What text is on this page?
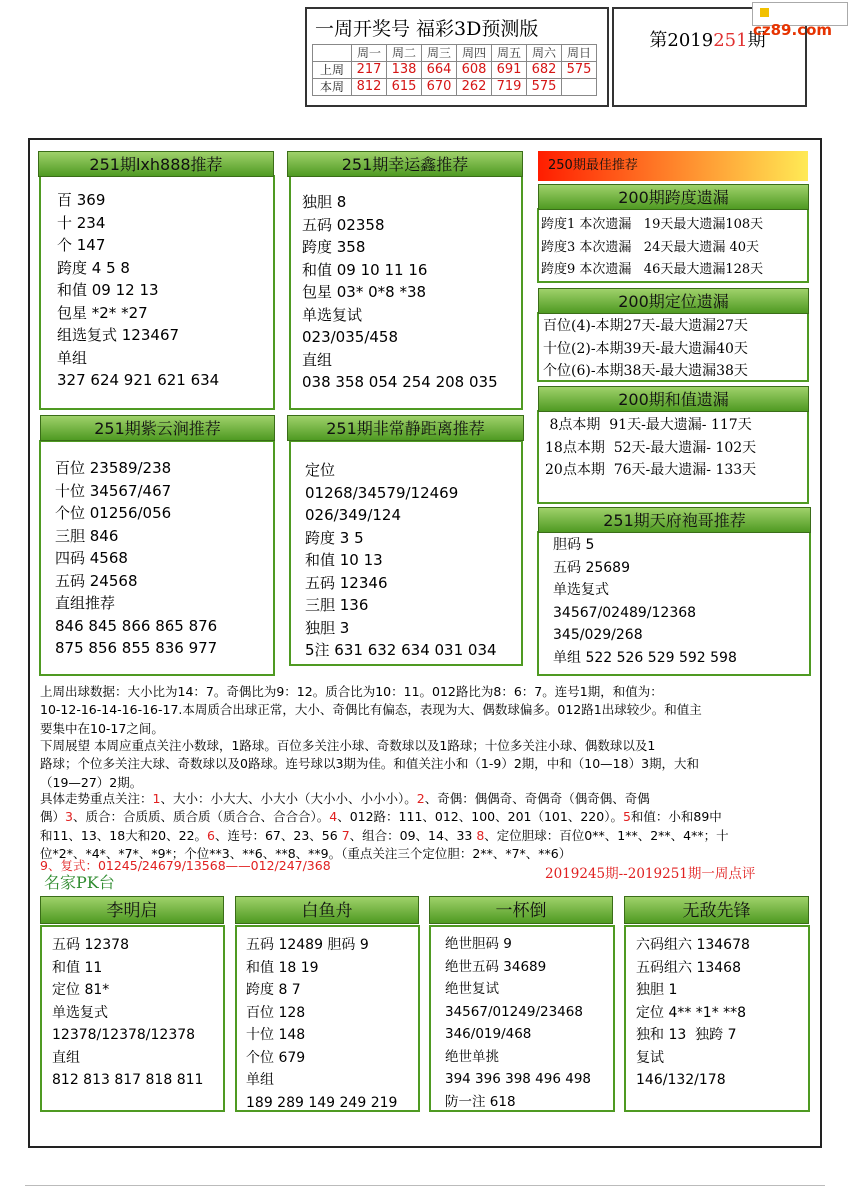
一周开奖号 福彩3D预测版
	周一	周二	周三	周四	周五	周六	周日
上周	217	138	664	608	691	682	575
本周	812	615	670	262	719	575	
第2019251期
cz89.com
251期lxh888推荐
百 369
十 234
个 147
跨度 4 5 8
和值 09 12 13
包星 *2* *27
组选复式 123467
单组
327 624 921 621 634
251期幸运鑫推荐
独胆 8
五码 02358
跨度 358
和值 09 10 11 16
包星 03* 0*8 *38
单选复试
023/035/458
直组
038 358 054 254 208 035
251期紫云涧推荐
百位 23589/238
十位 34567/467
个位 01256/056
三胆 846
四码 4568
五码 24568
直组推荐
846 845 866 865 876
875 856 855 836 977
251期非常静距离推荐
定位
01268/34579/12469
026/349/124
跨度 3 5
和值 10 13
五码 12346
三胆 136
独胆 3
5注 631 632 634 031 034
250期最佳推荐
200期跨度遗漏
跨度1 本次遗漏   19天最大遗漏108天
跨度3 本次遗漏   24天最大遗漏 40天
跨度9 本次遗漏   46天最大遗漏128天
200期定位遗漏
百位(4)-本期27天-最大遗漏27天
十位(2)-本期39天-最大遗漏40天
个位(6)-本期38天-最大遗漏38天
200期和值遗漏
8点本期  91天-最大遗漏- 117天
18点本期  52天-最大遗漏- 102天
20点本期  76天-最大遗漏- 133天
251期天府袍哥推荐
胆码 5
五码 25689
单选复式
34567/02489/12368
345/029/268
单组 522 526 529 592 598
上周出球数据：大小比为14：7。奇偶比为9：12。质合比为10：11。012路比为8：6：7。连号1期，和值为：
10-12-16-14-16-16-17.本周质合出球正常，大小、奇偶比有偏态，表现为大、偶数球偏多。012路1出球较少。和值主
要集中在10-17之间。
下周展望 本周应重点关注小数球，1路球。百位多关注小球、奇数球以及1路球；十位多关注小球、偶数球以及1
路球；个位多关注大球、奇数球以及0路球。连号球以3期为佳。和值关注小和（1-9）2期，中和（10—18）3期，大和
（19—27）2期。
具体走势重点关注：1、大小：小大大、小大小（大小小、小小小）。2、奇偶：偶偶奇、奇偶奇（偶奇偶、奇偶
偶）3、质合：合质质、质合质（质合合、合合合）。4、012路：111、012、100、201（101、220）。5和值：小和89中
和11、13、18大和20、22。6、连号：67、23、56 7、组合：09、14、33 8、定位胆球：百位0**、1**、2**、4**；十
位*2*、*4*、*7*、*9*；个位**3、**6、**8、**9。（重点关注三个定位胆：2**、*7*、**6）
9、复式：01245/24679/13568——012/247/368
名家PK台	2019245期--2019251期一周点评
李明启
五码 12378
和值 11
定位 81*
单选复式
12378/12378/12378
直组
812 813 817 818 811
白鱼舟
五码 12489 胆码 9
和值 18 19
跨度 8 7
百位 128
十位 148
个位 679
单组
189 289 149 249 219
一杯倒
绝世胆码 9
绝世五码 34689
绝世复试
34567/01249/23468
346/019/468
绝世单挑
394 396 398 496 498
防一注 618
无敌先锋
六码组六 134678
五码组六 13468
独胆 1
定位 4** *1* **8
独和 13  独跨 7
复试
146/132/178
